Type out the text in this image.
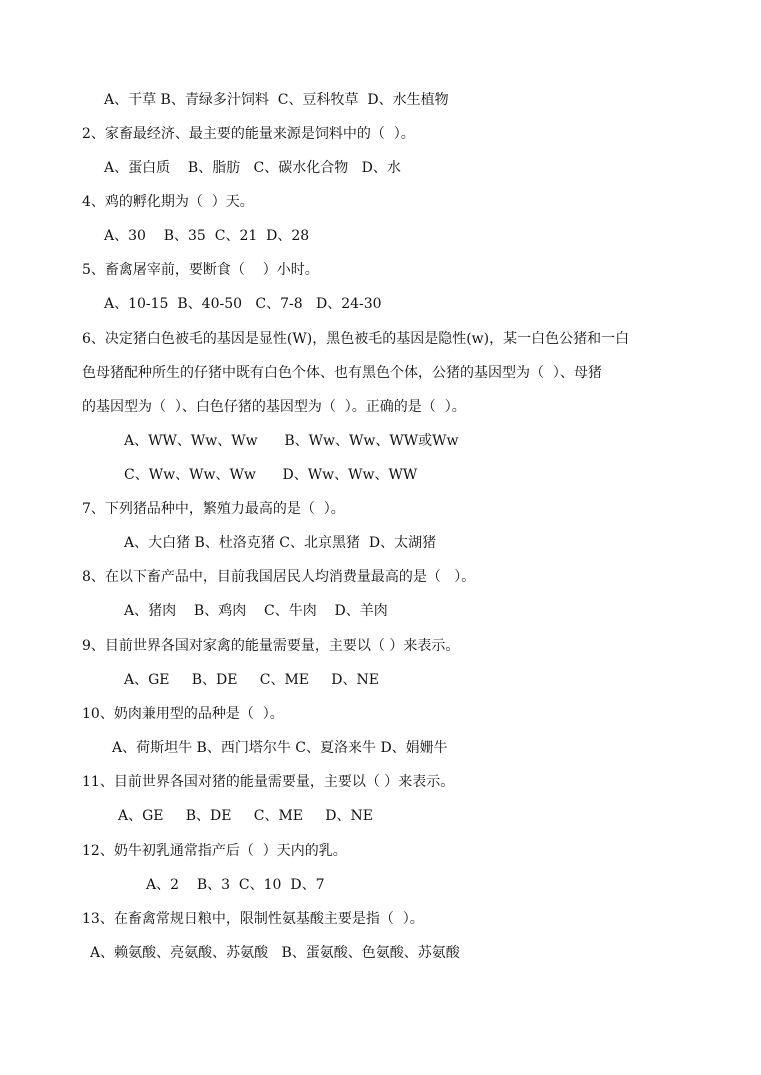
A、干草 B、青绿多汁饲料  C、豆科牧草  D、水生植物
2、家畜最经济、最主要的能量来源是饲料中的（  ）。
A、蛋白质    B、脂肪   C、碳水化合物   D、水
4、鸡的孵化期为（  ）天。
A、30    B、35  C、21  D、28
5、畜禽屠宰前，要断食（    ）小时。
A、10-15  B、40-50   C、7-8   D、24-30
6、决定猪白色被毛的基因是显性(W)，黑色被毛的基因是隐性(w)，某一白色公猪和一白
色母猪配种所生的仔猪中既有白色个体、也有黑色个体，公猪的基因型为（  ）、母猪
的基因型为（  ）、白色仔猪的基因型为（  ）。正确的是（  ）。
A、WW、Ww、Ww      B、Ww、Ww、WW或Ww
C、Ww、Ww、Ww      D、Ww、Ww、WW
7、下列猪品种中，繁殖力最高的是（  ）。
A、大白猪 B、杜洛克猪 C、北京黑猪  D、太湖猪
8、在以下畜产品中，目前我国居民人均消费量最高的是（   ）。
A、猪肉    B、鸡肉    C、牛肉    D、羊肉
9、目前世界各国对家禽的能量需要量，主要以（ ）来表示。
A、GE     B、DE     C、ME     D、NE
10、奶肉兼用型的品种是（  ）。
A、荷斯坦牛 B、西门塔尔牛 C、夏洛来牛 D、娟姗牛
11、目前世界各国对猪的能量需要量，主要以（ ）来表示。
A、GE     B、DE     C、ME     D、NE
12、奶牛初乳通常指产后（  ）天内的乳。
A、2    B、3  C、10  D、7
13、在畜禽常规日粮中，限制性氨基酸主要是指（  ）。
A、赖氨酸、亮氨酸、苏氨酸   B、蛋氨酸、色氨酸、苏氨酸
